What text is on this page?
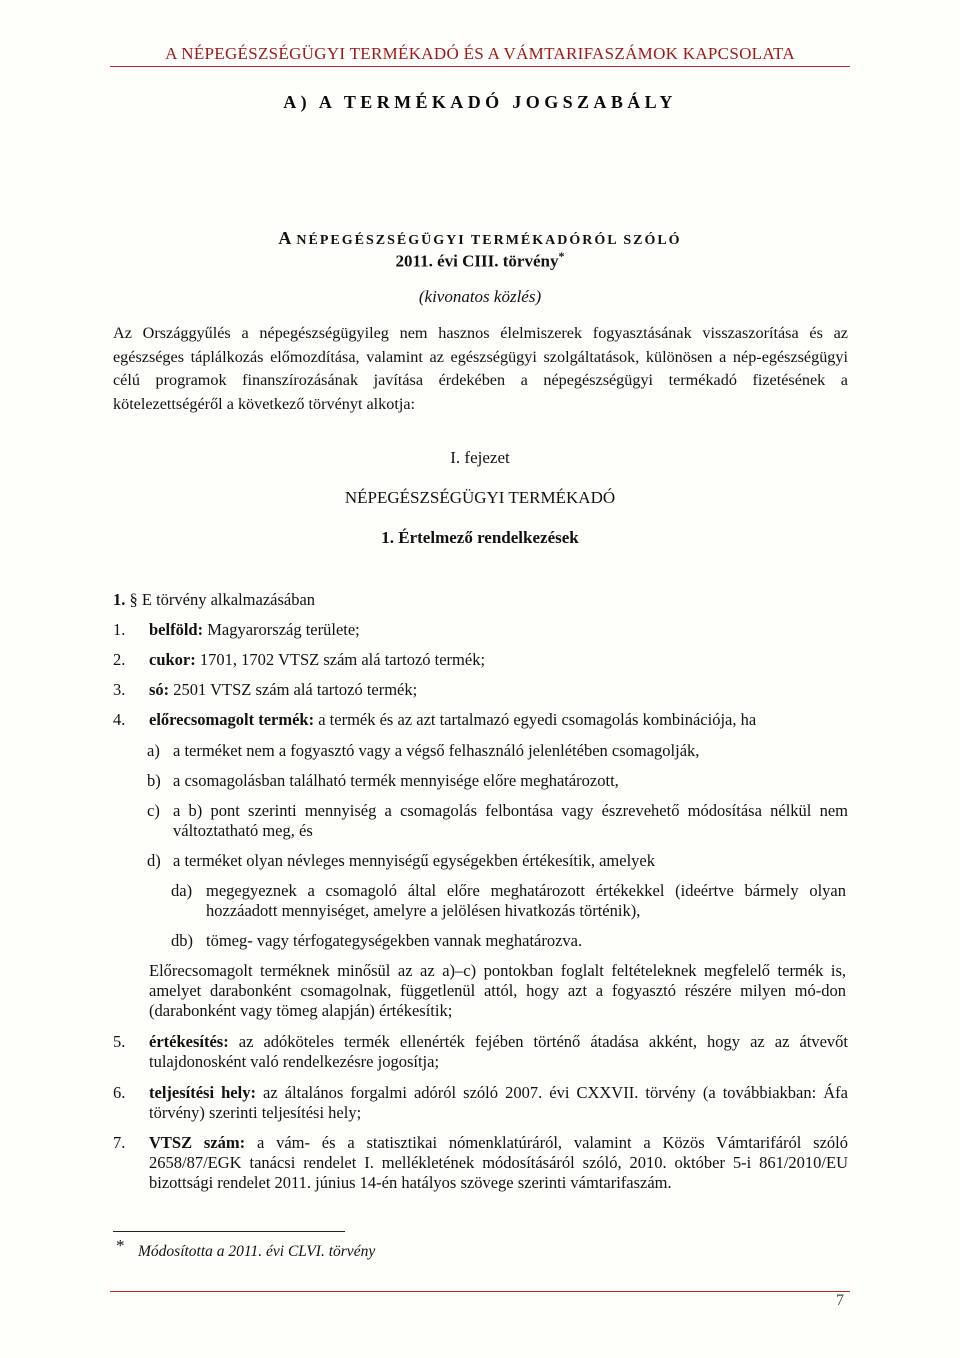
A NÉPEGÉSZSÉGÜGYI TERMÉKADÓ ÉS A VÁMTARIFASZÁMOK KAPCSOLATA
A) A TERMÉKADÓ JOGSZABÁLY
A NÉPEGÉSZSÉGÜGYI TERMÉKADÓRÓL SZÓLÓ
2011. évi CIII. törvény*
(kivonatos közlés)
Az Országgyűlés a népegészségügyileg nem hasznos élelmiszerek fogyasztásának visszaszorítása és az egészséges táplálkozás előmozdítása, valamint az egészségügyi szolgáltatások, különösen a nép-egészségügyi célú programok finanszírozásának javítása érdekében a népegészségügyi termékadó fizetésének a kötelezettségéről a következő törvényt alkotja:
I. fejezet
NÉPEGÉSZSÉGÜGYI TERMÉKADÓ
1. Értelmező rendelkezések
1. § E törvény alkalmazásában
1. belföld: Magyarország területe;
2. cukor: 1701, 1702 VTSZ szám alá tartozó termék;
3. só: 2501 VTSZ szám alá tartozó termék;
4. előrecsomagolt termék: a termék és az azt tartalmazó egyedi csomagolás kombinációja, ha
a) a terméket nem a fogyasztó vagy a végső felhasználó jelenlétében csomagolják,
b) a csomagolásban található termék mennyisége előre meghatározott,
c) a b) pont szerinti mennyiség a csomagolás felbontása vagy észrevehető módosítása nélkül nem változtatható meg, és
d) a terméket olyan névleges mennyiségű egységekben értékesítik, amelyek
da) megegyeznek a csomagoló által előre meghatározott értékekkel (ideértve bármely olyan hozzáadott mennyiséget, amelyre a jelölésen hivatkozás történik),
db) tömeg- vagy térfogategységekben vannak meghatározva.
Előrecsomagolt terméknek minősül az az a)–c) pontokban foglalt feltételeknek megfelelő termék is, amelyet darabonként csomagolnak, függetlenül attól, hogy azt a fogyasztó részére milyen mó-don (darabonként vagy tömeg alapján) értékesítik;
5. értékesítés: az adóköteles termék ellenérték fejében történő átadása akként, hogy az az átvevőt tulajdonosként való rendelkezésre jogosítja;
6. teljesítési hely: az általános forgalmi adóról szóló 2007. évi CXXVII. törvény (a továbbiakban: Áfa törvény) szerinti teljesítési hely;
7. VTSZ szám: a vám- és a statisztikai nómenklatúráról, valamint a Közös Vámtarifáról szóló 2658/87/EGK tanácsi rendelet I. mellékletének módosításáról szóló, 2010. október 5-i 861/2010/EU bizottsági rendelet 2011. június 14-én hatályos szövege szerinti vámtarifaszám.
* Módosította a 2011. évi CLVI. törvény
7
